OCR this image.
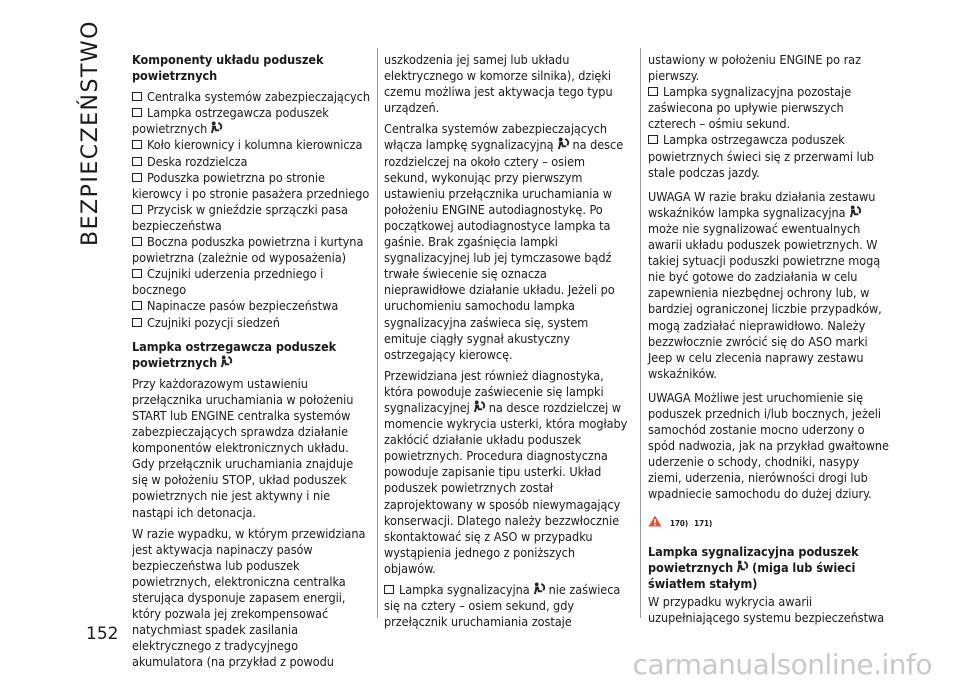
BEZPIECZEŃSTWO
152

Komponenty układu poduszek powietrznych

Centralka systemów zabezpieczających
Lampka ostrzegawcza poduszek powietrznych
Koło kierownicy i kolumna kierownicza
Deska rozdzielcza
Poduszka powietrzna po stronie kierowcy i po stronie pasażera przedniego
Przycisk w gnieździe sprzączki pasa bezpieczeństwa
Boczna poduszka powietrzna i kurtyna powietrzna (zależnie od wyposażenia)
Czujniki uderzenia przedniego i bocznego
Napinacze pasów bezpieczeństwa
Czujniki pozycji siedzeń

Lampka ostrzegawcza poduszek powietrznych

Przy każdorazowym ustawieniu przełącznika uruchamiania w położeniu START lub ENGINE centralka systemów zabezpieczających sprawdza działanie komponentów elektronicznych układu. Gdy przełącznik uruchamiania znajduje się w położeniu STOP, układ poduszek powietrznych nie jest aktywny i nie nastąpi ich detonacja.

W razie wypadku, w którym przewidziana jest aktywacja napinaczy pasów bezpieczeństwa lub poduszek powietrznych, elektroniczna centralka sterująca dysponuje zapasem energii, który pozwala jej zrekompensować natychmiast spadek zasilania elektrycznego z tradycyjnego akumulatora (na przykład z powodu

uszkodzenia jej samej lub układu elektrycznego w komorze silnika), dzięki czemu możliwa jest aktywacja tego typu urządzeń.

Centralka systemów zabezpieczających włącza lampkę sygnalizacyjną na desce rozdzielczej na około cztery – osiem sekund, wykonując przy pierwszym ustawieniu przełącznika uruchamiania w położeniu ENGINE autodiagnostykę. Po początkowej autodiagnostyce lampka ta gaśnie. Brak zgaśnięcia lampki sygnalizacyjnej lub jej tymczasowe bądź trwałe świecenie się oznacza nieprawidłowe działanie układu. Jeżeli po uruchomieniu samochodu lampka sygnalizacyjna zaświeca się, system emituje ciągły sygnał akustyczny ostrzegający kierowcę.

Przewidziana jest również diagnostyka, która powoduje zaświecenie się lampki sygnalizacyjnej na desce rozdzielczej w momencie wykrycia usterki, która mogłaby zakłócić działanie układu poduszek powietrznych. Procedura diagnostyczna powoduje zapisanie tipu usterki. Układ poduszek powietrznych został zaprojektowany w sposób niewymagający konserwacji. Dlatego należy bezzwłocznie skontaktować się z ASO w przypadku wystąpienia jednego z poniższych objawów.

Lampka sygnalizacyjna nie zaświeca się na cztery – osiem sekund, gdy przełącznik uruchamiania zostaje

ustawiony w położeniu ENGINE po raz pierwszy.

Lampka sygnalizacyjna pozostaje zaświecona po upływie pierwszych czterech – ośmiu sekund.
Lampka ostrzegawcza poduszek powietrznych świeci się z przerwami lub stale podczas jazdy.

UWAGA W razie braku działania zestawu wskaźników lampka sygnalizacyjnamoże nie sygnalizować ewentualnych awarii układu poduszek powietrznych. W takiej sytuacji poduszki powietrzne mogą nie być gotowe do zadziałania w celu zapewnienia niezbędnej ochrony lub, w bardziej ograniczonej liczbie przypadków, mogą zadziałać nieprawidłowo. Należy bezzwłocznie zwrócić się do ASO marki Jeep w celu zlecenia naprawy zestawu wskaźników.

UWAGA Możliwe jest uruchomienie się poduszek przednich i/lub bocznych, jeżeli samochód zostanie mocno uderzony o spód nadwozia, jak na przykład gwałtowne uderzenie o schody, chodniki, nasypy ziemi, uderzenia, nierówności drogi lub wpadniecie samochodu do dużej dziury.

170) 171)

Lampka sygnalizacyjna poduszek powietrznych (miga lub świeci światłem stałym)

W przypadku wykrycia awarii uzupełniającego systemu bezpieczeństwa

carmanualsonline.info
